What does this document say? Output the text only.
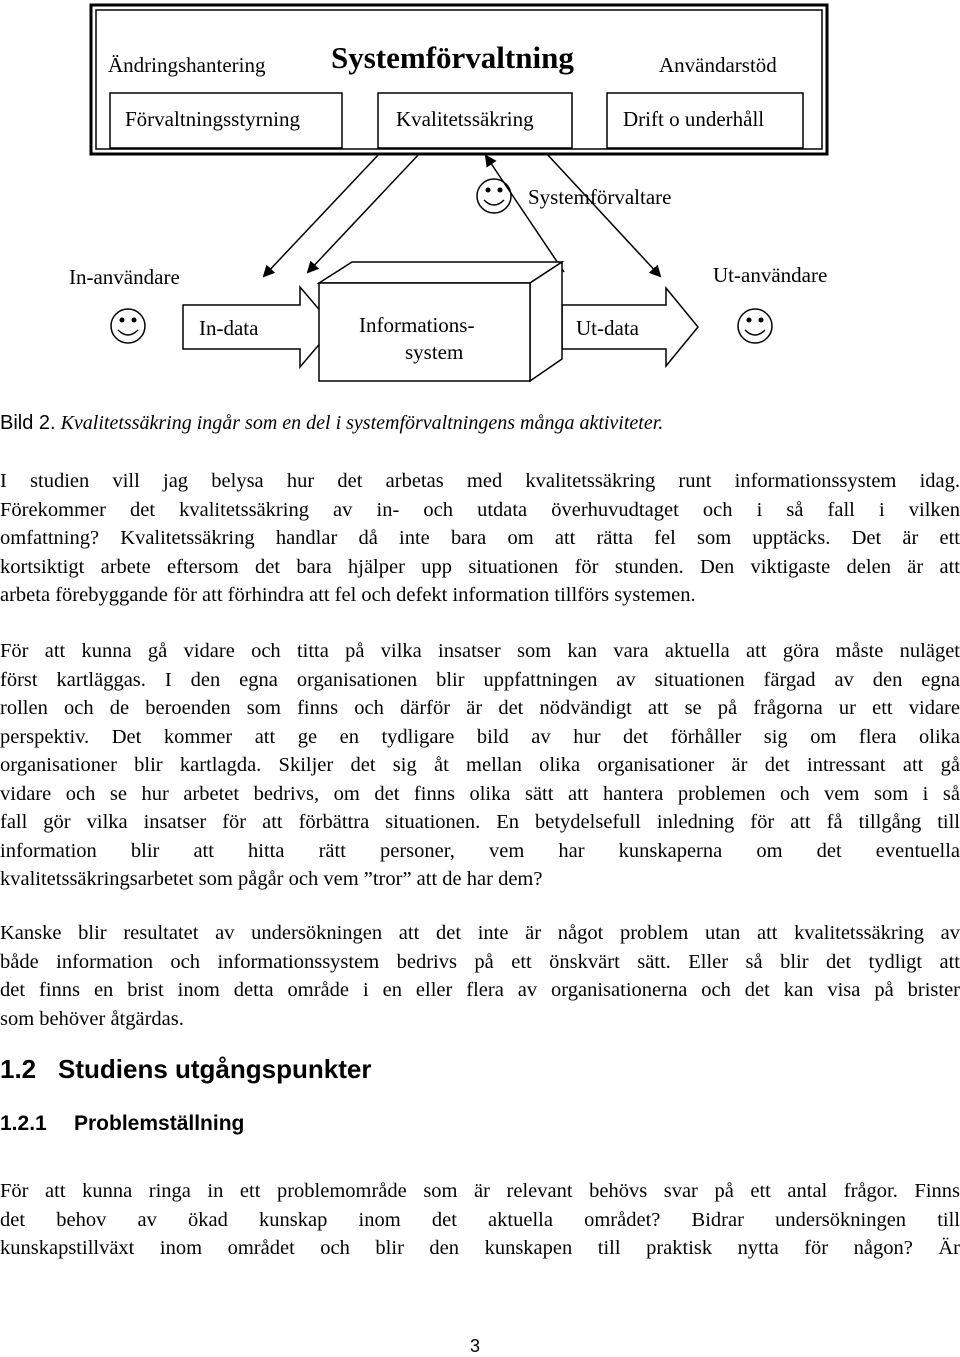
Systemförvaltning
Ändringshantering	Användarstöd
Förvaltningsstyrning	Kvalitetssäkring	Drift o underhåll
Systemförvaltare
In-användare	Ut-användare
In-data	Ut-data
Informations-
system
Bild 2. Kvalitetssäkring ingår som en del i systemförvaltningens många aktiviteter.
I studien vill jag belysa hur det arbetas med kvalitetssäkring runt informationssystem idag.
Förekommer det kvalitetssäkring av in- och utdata överhuvudtaget och i så fall i vilken
omfattning? Kvalitetssäkring handlar då inte bara om att rätta fel som upptäcks. Det är ett
kortsiktigt arbete eftersom det bara hjälper upp situationen för stunden. Den viktigaste delen är att
arbeta förebyggande för att förhindra att fel och defekt information tillförs systemen.
För att kunna gå vidare och titta på vilka insatser som kan vara aktuella att göra måste nuläget
först kartläggas. I den egna organisationen blir uppfattningen av situationen färgad av den egna
rollen och de beroenden som finns och därför är det nödvändigt att se på frågorna ur ett vidare
perspektiv. Det kommer att ge en tydligare bild av hur det förhåller sig om flera olika
organisationer blir kartlagda. Skiljer det sig åt mellan olika organisationer är det intressant att gå
vidare och se hur arbetet bedrivs, om det finns olika sätt att hantera problemen och vem som i så
fall gör vilka insatser för att förbättra situationen. En betydelsefull inledning för att få tillgång till
information blir att hitta rätt personer, vem har kunskaperna om det eventuella
kvalitetssäkringsarbetet som pågår och vem ”tror” att de har dem?
Kanske blir resultatet av undersökningen att det inte är något problem utan att kvalitetssäkring av
både information och informationssystem bedrivs på ett önskvärt sätt. Eller så blir det tydligt att
det finns en brist inom detta område i en eller flera av organisationerna och det kan visa på brister
som behöver åtgärdas.
1.2 Studiens utgångspunkter
1.2.1 Problemställning
För att kunna ringa in ett problemområde som är relevant behövs svar på ett antal frågor. Finns
det behov av ökad kunskap inom det aktuella området? Bidrar undersökningen till
kunskapstillväxt inom området och blir den kunskapen till praktisk nytta för någon? Är
3
